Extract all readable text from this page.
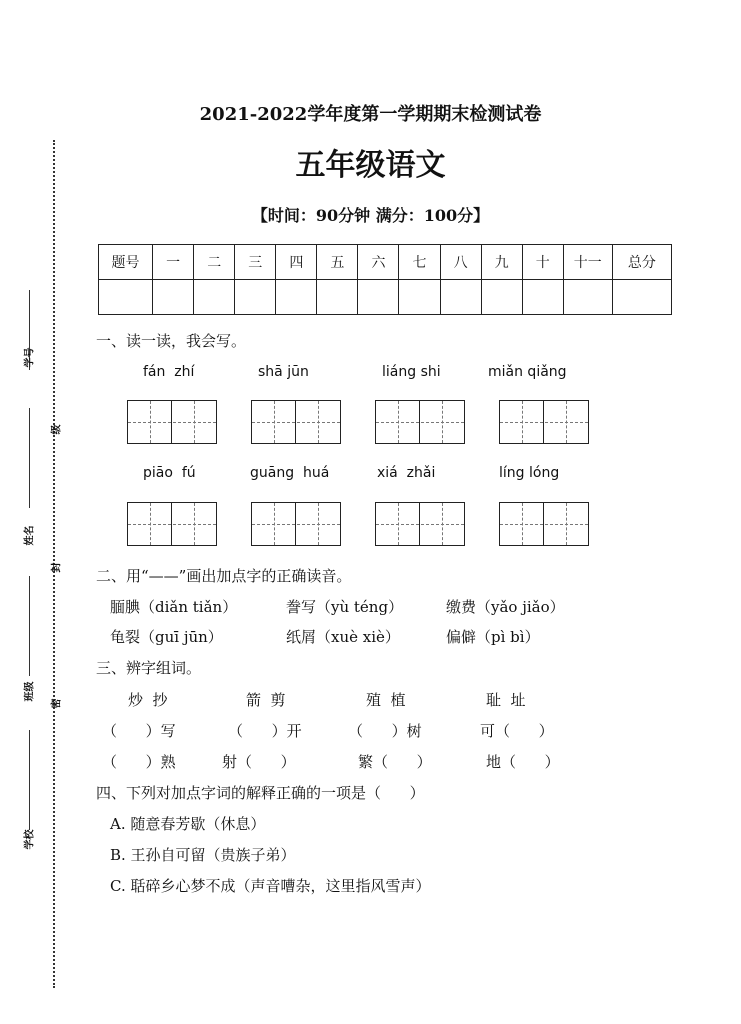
学号
姓名
班级
学校
级
封
密
2021-2022学年度第一学期期末检测试卷
五年级语文
【时间：90分钟 满分：100分】
题号	一	二	三	四	五	六	七	八	九	十	十一	总分

一、读一读，我会写。
fán  zhí	shā jūn	liáng shi	miǎn qiǎng
piāo  fú	guāng  huá	xiá  zhǎi	líng lóng
二、用“——”画出加点字的正确读音。
腼腆（diǎn tiǎn）	誊写（yù téng）	缴费（yǎo jiǎo）
龟裂（guī jūn）	纸屑（xuè xiè）	偏僻（pì bì）
三、辨字组词。
炒  抄	箭  剪	殖  植	耻  址
（      ）写	（      ）开	（      ）树	可（      ）
（      ）熟	射（      ）	繁（      ）	地（      ）
四、下列对加点字词的解释正确的一项是（      ）
A. 随意春芳歇（休息）
B. 王孙自可留（贵族子弟）
C. 聒碎乡心梦不成（声音嘈杂，这里指风雪声）
